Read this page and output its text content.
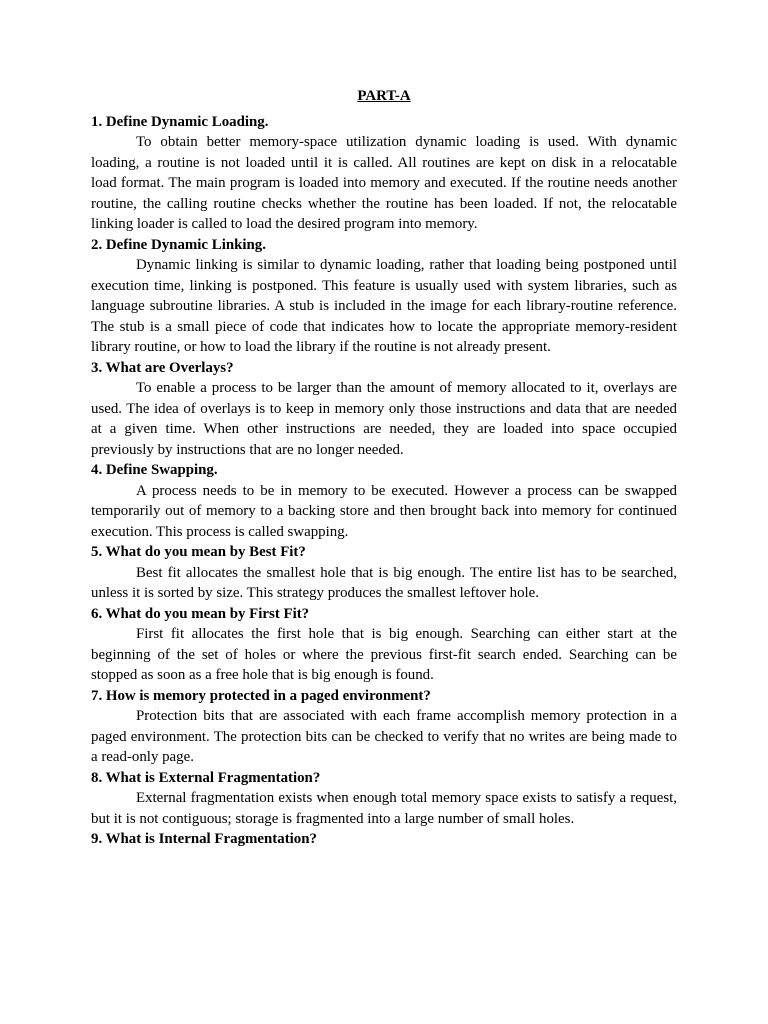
PART-A
1. Define Dynamic Loading.
To obtain better memory-space utilization dynamic loading is used. With dynamic
loading, a routine is not loaded until it is called. All routines are kept on disk in a relocatable
load format. The main program is loaded into memory and executed. If the routine needs another
routine, the calling routine checks whether the routine has been loaded. If not, the relocatable
linking loader is called to load the desired program into memory.
2. Define Dynamic Linking.
Dynamic linking is similar to dynamic loading, rather that loading being postponed until
execution time, linking is postponed. This feature is usually used with system libraries, such as
language subroutine libraries. A stub is included in the image for each library-routine reference.
The stub is a small piece of code that indicates how to locate the appropriate memory-resident
library routine, or how to load the library if the routine is not already present.
3. What are Overlays?
To enable a process to be larger than the amount of memory allocated to it, overlays are
used. The idea of overlays is to keep in memory only those instructions and data that are needed
at a given time. When other instructions are needed, they are loaded into space occupied
previously by instructions that are no longer needed.
4. Define Swapping.
A process needs to be in memory to be executed. However a process can be swapped
temporarily out of memory to a backing store and then brought back into memory for continued
execution. This process is called swapping.
5. What do you mean by Best Fit?
Best fit allocates the smallest hole that is big enough. The entire list has to be searched,
unless it is sorted by size. This strategy produces the smallest leftover hole.
6. What do you mean by First Fit?
First fit allocates the first hole that is big enough. Searching can either start at the
beginning of the set of holes or where the previous first-fit search ended. Searching can be
stopped as soon as a free hole that is big enough is found.
7. How is memory protected in a paged environment?
Protection bits that are associated with each frame accomplish memory protection in a
paged environment. The protection bits can be checked to verify that no writes are being made to
a read-only page.
8. What is External Fragmentation?
External fragmentation exists when enough total memory space exists to satisfy a request,
but it is not contiguous; storage is fragmented into a large number of small holes.
9. What is Internal Fragmentation?
